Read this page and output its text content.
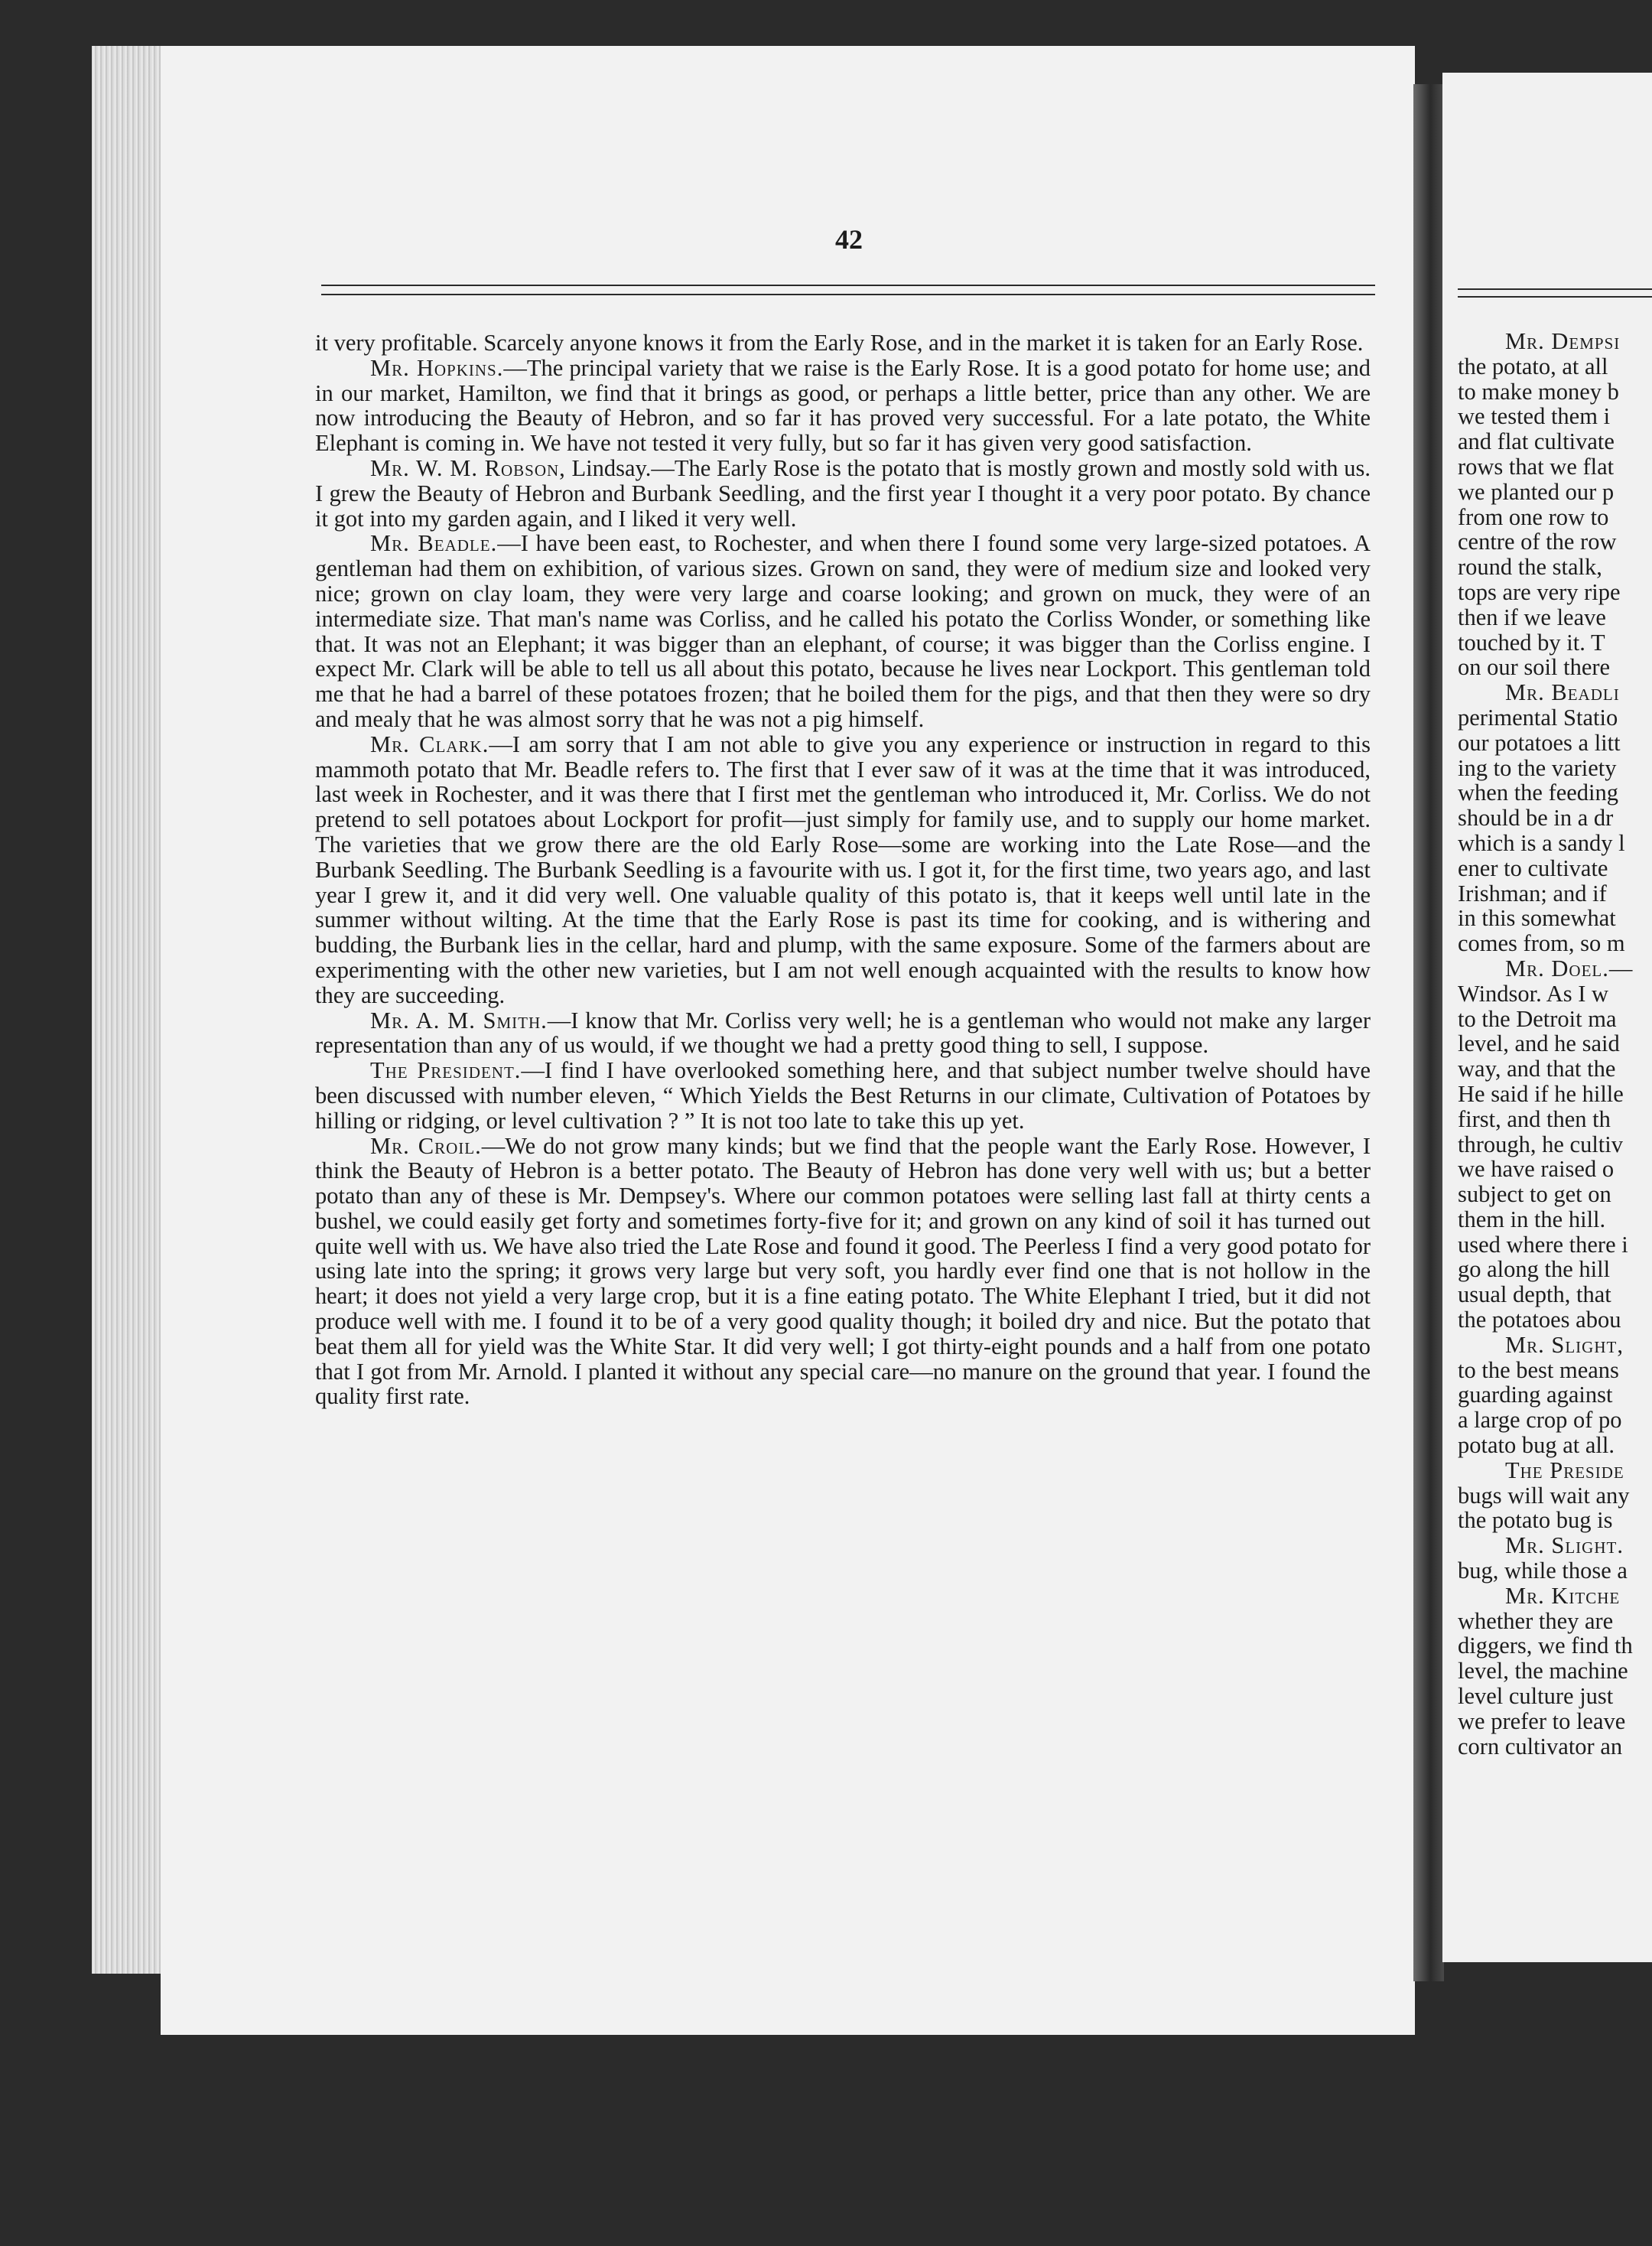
42

it very profitable. Scarcely anyone knows it from the Early Rose, and in the market it is taken for an Early Rose.

Mr. Hopkins.—The principal variety that we raise is the Early Rose. It is a good potato for home use; and in our market, Hamilton, we find that it brings as good, or perhaps a little better, price than any other. We are now introducing the Beauty of Hebron, and so far it has proved very successful. For a late potato, the White Elephant is coming in. We have not tested it very fully, but so far it has given very good satisfaction.

Mr. W. M. Robson, Lindsay.—The Early Rose is the potato that is mostly grown and mostly sold with us. I grew the Beauty of Hebron and Burbank Seedling, and the first year I thought it a very poor potato. By chance it got into my garden again, and I liked it very well.

Mr. Beadle.—I have been east, to Rochester, and when there I found some very large-sized potatoes. A gentleman had them on exhibition, of various sizes. Grown on sand, they were of medium size and looked very nice; grown on clay loam, they were very large and coarse looking; and grown on muck, they were of an intermediate size. That man's name was Corliss, and he called his potato the Corliss Wonder, or something like that. It was not an Elephant; it was bigger than an elephant, of course; it was bigger than the Corliss engine. I expect Mr. Clark will be able to tell us all about this potato, because he lives near Lockport. This gentleman told me that he had a barrel of these potatoes frozen; that he boiled them for the pigs, and that then they were so dry and mealy that he was almost sorry that he was not a pig himself.

Mr. Clark.—I am sorry that I am not able to give you any experience or instruction in regard to this mammoth potato that Mr. Beadle refers to. The first that I ever saw of it was at the time that it was introduced, last week in Rochester, and it was there that I first met the gentleman who introduced it, Mr. Corliss. We do not pretend to sell potatoes about Lockport for profit—just simply for family use, and to supply our home market. The varieties that we grow there are the old Early Rose—some are working into the Late Rose—and the Burbank Seedling. The Burbank Seedling is a favourite with us. I got it, for the first time, two years ago, and last year I grew it, and it did very well. One valuable quality of this potato is, that it keeps well until late in the summer without wilting. At the time that the Early Rose is past its time for cooking, and is withering and budding, the Burbank lies in the cellar, hard and plump, with the same exposure. Some of the farmers about are experimenting with the other new varieties, but I am not well enough acquainted with the results to know how they are succeeding.

Mr. A. M. Smith.—I know that Mr. Corliss very well; he is a gentleman who would not make any larger representation than any of us would, if we thought we had a pretty good thing to sell, I suppose.

The President.—I find I have overlooked something here, and that subject number twelve should have been discussed with number eleven, “ Which Yields the Best Returns in our climate, Cultivation of Potatoes by hilling or ridging, or level cultivation ? ” It is not too late to take this up yet.

Mr. Croil.—We do not grow many kinds; but we find that the people want the Early Rose. However, I think the Beauty of Hebron is a better potato. The Beauty of Hebron has done very well with us; but a better potato than any of these is Mr. Dempsey's. Where our common potatoes were selling last fall at thirty cents a bushel, we could easily get forty and sometimes forty-five for it; and grown on any kind of soil it has turned out quite well with us. We have also tried the Late Rose and found it good. The Peerless I find a very good potato for using late into the spring; it grows very large but very soft, you hardly ever find one that is not hollow in the heart; it does not yield a very large crop, but it is a fine eating potato. The White Elephant I tried, but it did not produce well with me. I found it to be of a very good quality though; it boiled dry and nice. But the potato that beat them all for yield was the White Star. It did very well; I got thirty-eight pounds and a half from one potato that I got from Mr. Arnold. I planted it without any special care—no manure on the ground that year. I found the quality first rate.

Mr. Dempsi
the potato, at all
to make money b
we tested them i
and flat cultivate
rows that we flat
we planted our p
from one row to
centre of the row
round the stalk,
tops are very ripe
then if we leave
touched by it. T
on our soil there
Mr. Beadli
perimental Statio
our potatoes a litt
ing to the variety
when the feeding
should be in a dr
which is a sandy l
ener to cultivate
Irishman; and if
in this somewhat
comes from, so m
Mr. Doel.—
Windsor. As I w
to the Detroit ma
level, and he said
way, and that the
He said if he hille
first, and then th
through, he cultiv
we have raised o
subject to get on
them in the hill.
used where there i
go along the hill
usual depth, that
the potatoes abou
Mr. Slight,
to the best means
guarding against
a large crop of po
potato bug at all.
The Preside
bugs will wait any
the potato bug is
Mr. Slight.
bug, while those a
Mr. Kitche
whether they are
diggers, we find th
level, the machine
level culture just
we prefer to leave
corn cultivator an
